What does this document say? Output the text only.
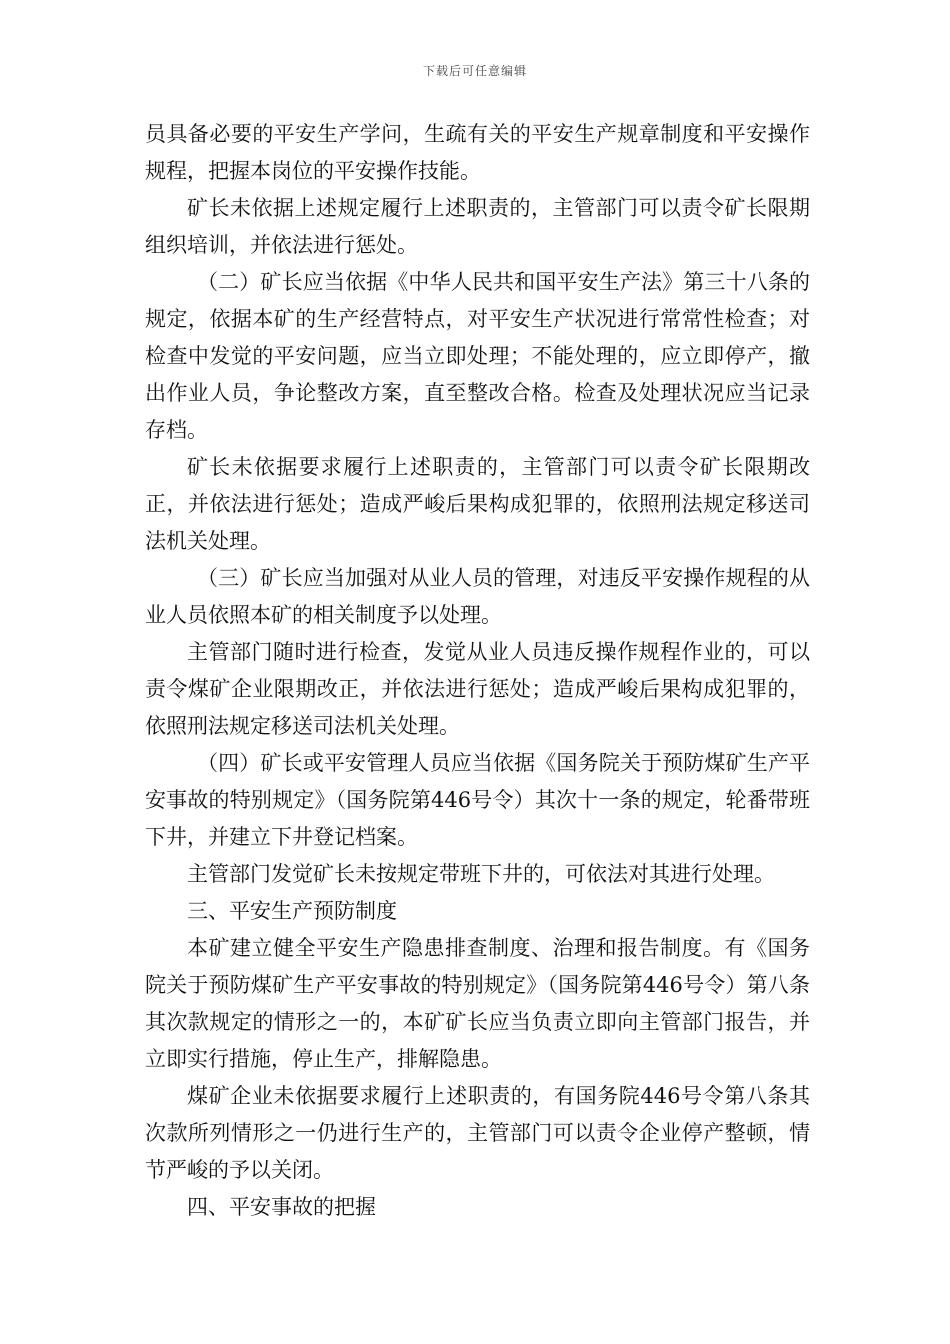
下载后可任意编辑

员具备必要的平安生产学问，生疏有关的平安生产规章制度和平安操作规程，把握本岗位的平安操作技能。

矿长未依据上述规定履行上述职责的，主管部门可以责令矿长限期组织培训，并依法进行惩处。

（二）矿长应当依据《中华人民共和国平安生产法》第三十八条的规定，依据本矿的生产经营特点，对平安生产状况进行常常性检查；对检查中发觉的平安问题，应当立即处理；不能处理的，应立即停产，撤出作业人员，争论整改方案，直至整改合格。检查及处理状况应当记录存档。

矿长未依据要求履行上述职责的，主管部门可以责令矿长限期改正，并依法进行惩处；造成严峻后果构成犯罪的，依照刑法规定移送司法机关处理。

（三）矿长应当加强对从业人员的管理，对违反平安操作规程的从业人员依照本矿的相关制度予以处理。

主管部门随时进行检查，发觉从业人员违反操作规程作业的，可以责令煤矿企业限期改正，并依法进行惩处；造成严峻后果构成犯罪的，依照刑法规定移送司法机关处理。

（四）矿长或平安管理人员应当依据《国务院关于预防煤矿生产平安事故的特别规定》（国务院第446号令）其次十一条的规定，轮番带班下井，并建立下井登记档案。

主管部门发觉矿长未按规定带班下井的，可依法对其进行处理。

三、平安生产预防制度

本矿建立健全平安生产隐患排查制度、治理和报告制度。有《国务院关于预防煤矿生产平安事故的特别规定》（国务院第446号令）第八条其次款规定的情形之一的，本矿矿长应当负责立即向主管部门报告，并立即实行措施，停止生产，排解隐患。

煤矿企业未依据要求履行上述职责的，有国务院446号令第八条其次款所列情形之一仍进行生产的，主管部门可以责令企业停产整顿，情节严峻的予以关闭。

四、平安事故的把握
